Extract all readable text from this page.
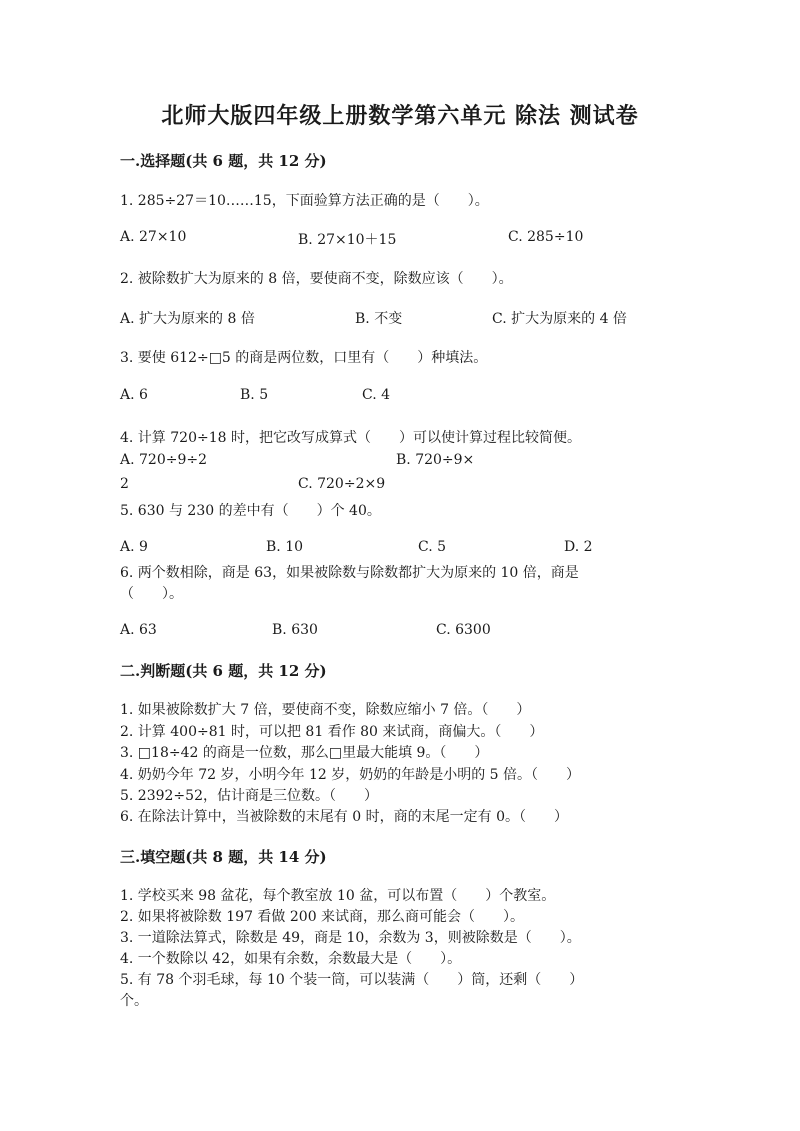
北师大版四年级上册数学第六单元 除法 测试卷
一.选择题(共 6 题，共 12 分)
1. 285÷27＝10……15，下面验算方法正确的是（　　）。
A. 27×10	B. 27×10＋15	C. 285÷10
2. 被除数扩大为原来的 8 倍，要使商不变，除数应该（　　）。
A. 扩大为原来的 8 倍	B. 不变	C. 扩大为原来的 4 倍
3. 要使 612÷□5 的商是两位数，口里有（　　）种填法。
A. 6	B. 5	C. 4
4. 计算 720÷18 时，把它改写成算式（　　）可以使计算过程比较简便。
A. 720÷9÷2	B. 720÷9×
2	C. 720÷2×9
5. 630 与 230 的差中有（　　）个 40。
A. 9	B. 10	C. 5	D. 2
6. 两个数相除，商是 63，如果被除数与除数都扩大为原来的 10 倍，商是
（　　）。
A. 63	B. 630	C. 6300
二.判断题(共 6 题，共 12 分)
1. 如果被除数扩大 7 倍，要使商不变，除数应缩小 7 倍。（　　）
2. 计算 400÷81 时，可以把 81 看作 80 来试商，商偏大。（　　）
3. □18÷42 的商是一位数，那么□里最大能填 9。（　　）
4. 奶奶今年 72 岁，小明今年 12 岁，奶奶的年龄是小明的 5 倍。（　　）
5. 2392÷52，估计商是三位数。（　　）
6. 在除法计算中，当被除数的末尾有 0 时，商的末尾一定有 0。（　　）
三.填空题(共 8 题，共 14 分)
1. 学校买来 98 盆花，每个教室放 10 盆，可以布置（　　）个教室。
2. 如果将被除数 197 看做 200 来试商，那么商可能会（　　）。
3. 一道除法算式，除数是 49，商是 10，余数为 3，则被除数是（　　）。
4. 一个数除以 42，如果有余数，余数最大是（　　）。
5. 有 78 个羽毛球，每 10 个装一筒，可以装满（　　）筒，还剩（　　）
个。
